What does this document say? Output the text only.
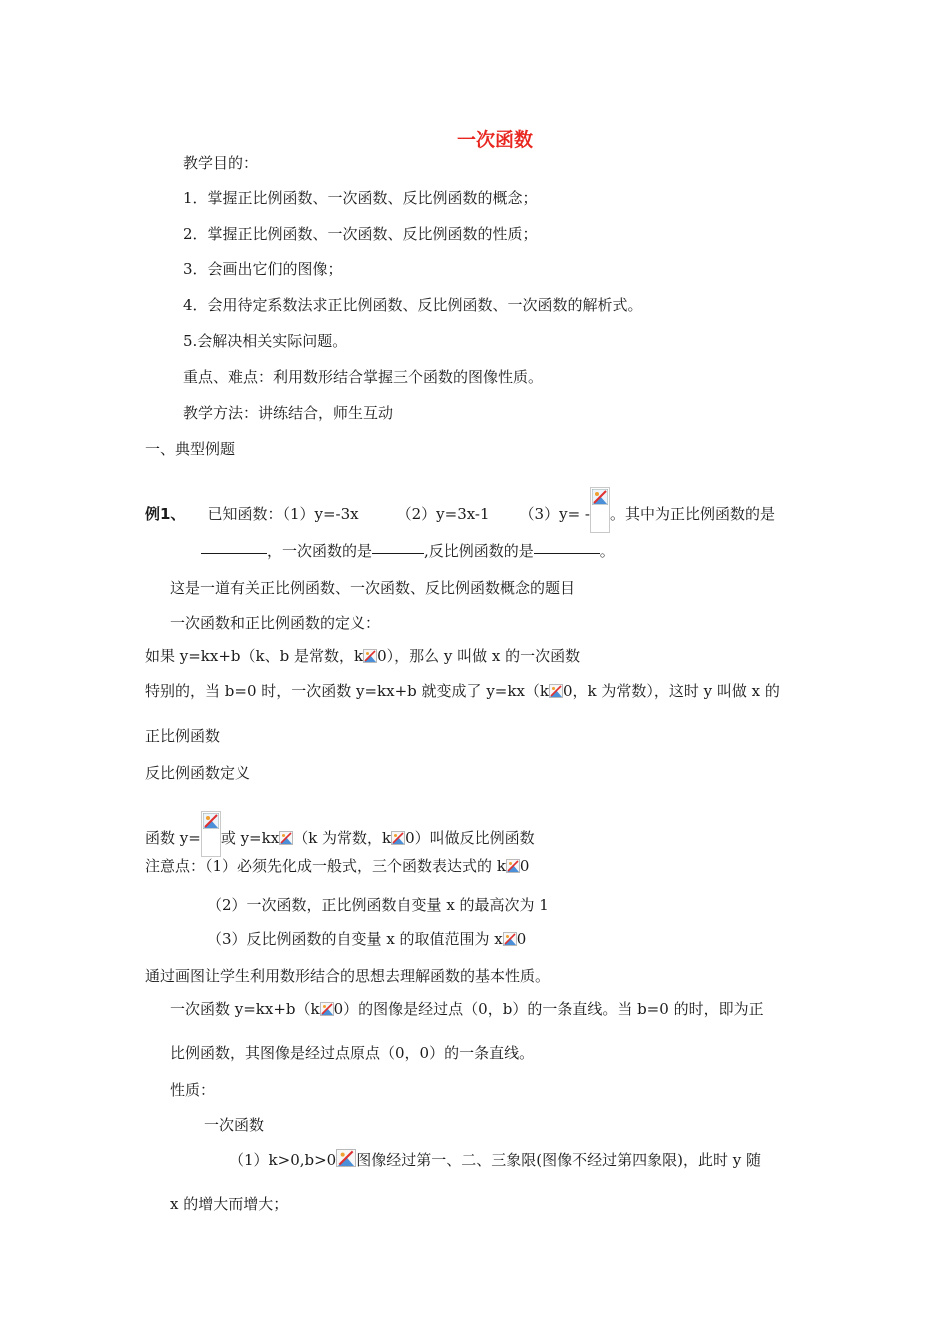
一次函数
教学目的：
1．掌握正比例函数、一次函数、反比例函数的概念；
2．掌握正比例函数、一次函数、反比例函数的性质；
3．会画出它们的图像；
4．会用待定系数法求正比例函数、反比例函数、一次函数的解析式。
5.会解决相关实际问题。
重点、难点：利用数形结合掌握三个函数的图像性质。
教学方法：讲练结合，师生互动
一、典型例题
例1、 已知函数：（1）y=-3x	（2）y=3x-1 （3）y= - 。其中为正比例函数的是
，一次函数的是	,反比例函数的是	。
这是一道有关正比例函数、一次函数、反比例函数概念的题目
一次函数和正比例函数的定义：
如果 y=kx+b（k、b 是常数，k 0），那么 y 叫做 x 的一次函数
特别的，当 b=0 时，一次函数 y=kx+b 就变成了 y=kx（k 0，k 为常数），这时 y 叫做 x 的
正比例函数
反比例函数定义
函数 y= 或 y=kx （k 为常数，k 0）叫做反比例函数
注意点：（1）必须先化成一般式，三个函数表达式的 k 0
（2）一次函数，正比例函数自变量 x 的最高次为 1
（3）反比例函数的自变量 x 的取值范围为 x 0
通过画图让学生利用数形结合的思想去理解函数的基本性质。
一次函数 y=kx+b（k 0）的图像是经过点（0，b）的一条直线。当 b=0 的时，即为正
比例函数，其图像是经过点原点（0，0）的一条直线。
性质：
一次函数
（1）k>0,b>0 图像经过第一、二、三象限(图像不经过第四象限)，此时 y 随
x 的增大而增大；
